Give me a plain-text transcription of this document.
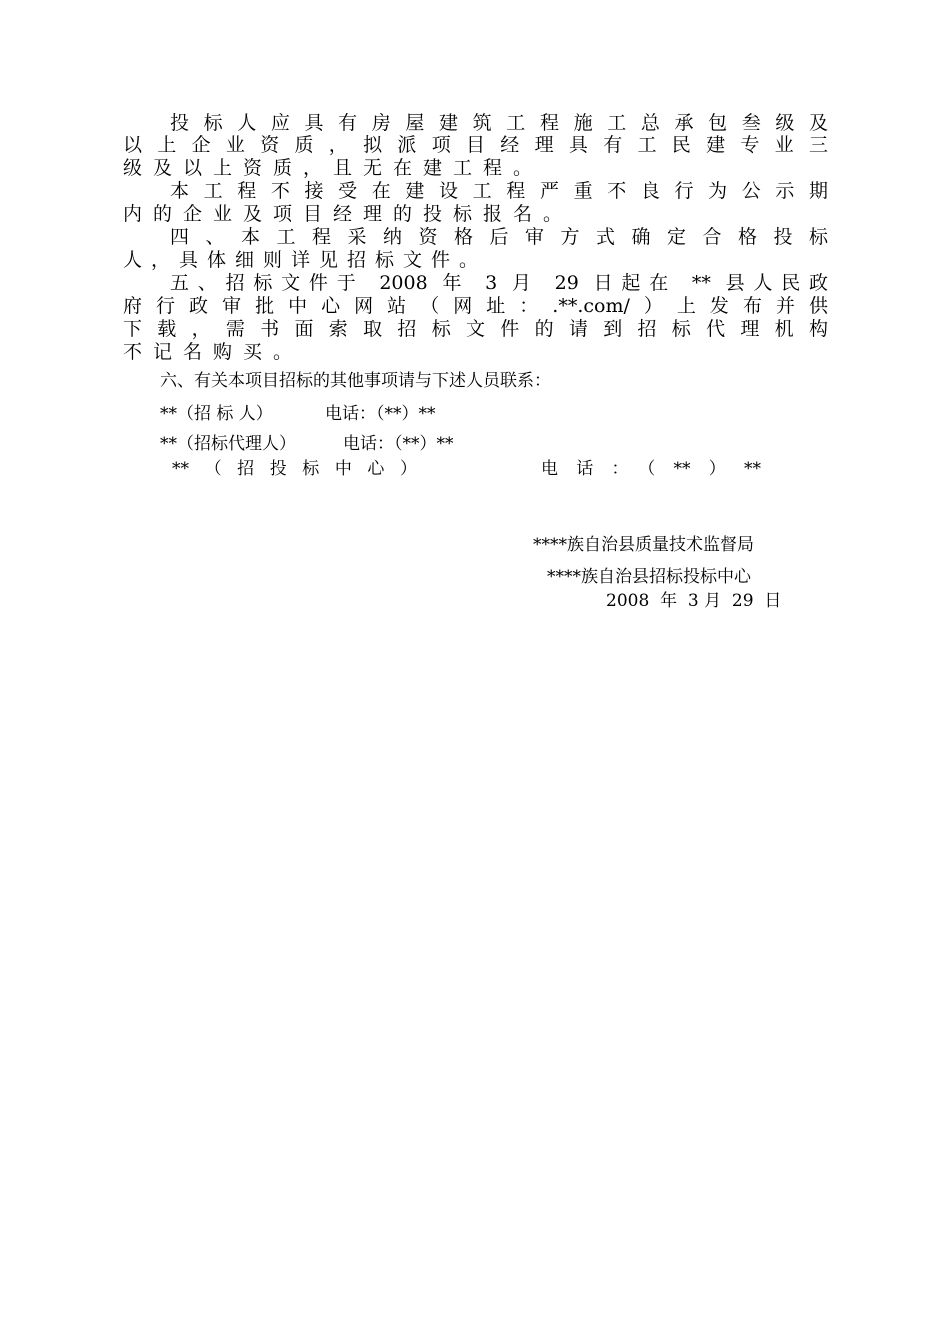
投标人应具有房屋建筑工程施工总承包叁级及
以上企业资质，拟派项目经理具有工民建专业三
级及以上资质，且无在建工程。
本工程不接受在建设工程严重不良行为公示期
内的企业及项目经理的投标报名。
四、本工程采纳资格后审方式确定合格投标
人，具体细则详见招标文件。
五、招标文件于 2008 年 3 月 29 日起在 ** 县人民政
府行政审批中心网站（网址：.**.com/）上发布并供
下载，需书面索取招标文件的请到招标代理机构
不记名购买。
六、有关本项目招标的其他事项请与下述人员联系：
**（招 标 人）	电话：（**）**
**（招标代理人）	电话：（**）**
**（招投标中心）	电话：（**）**
****族自治县质量技术监督局
****族自治县招标投标中心
2008  年  3 月  29  日
